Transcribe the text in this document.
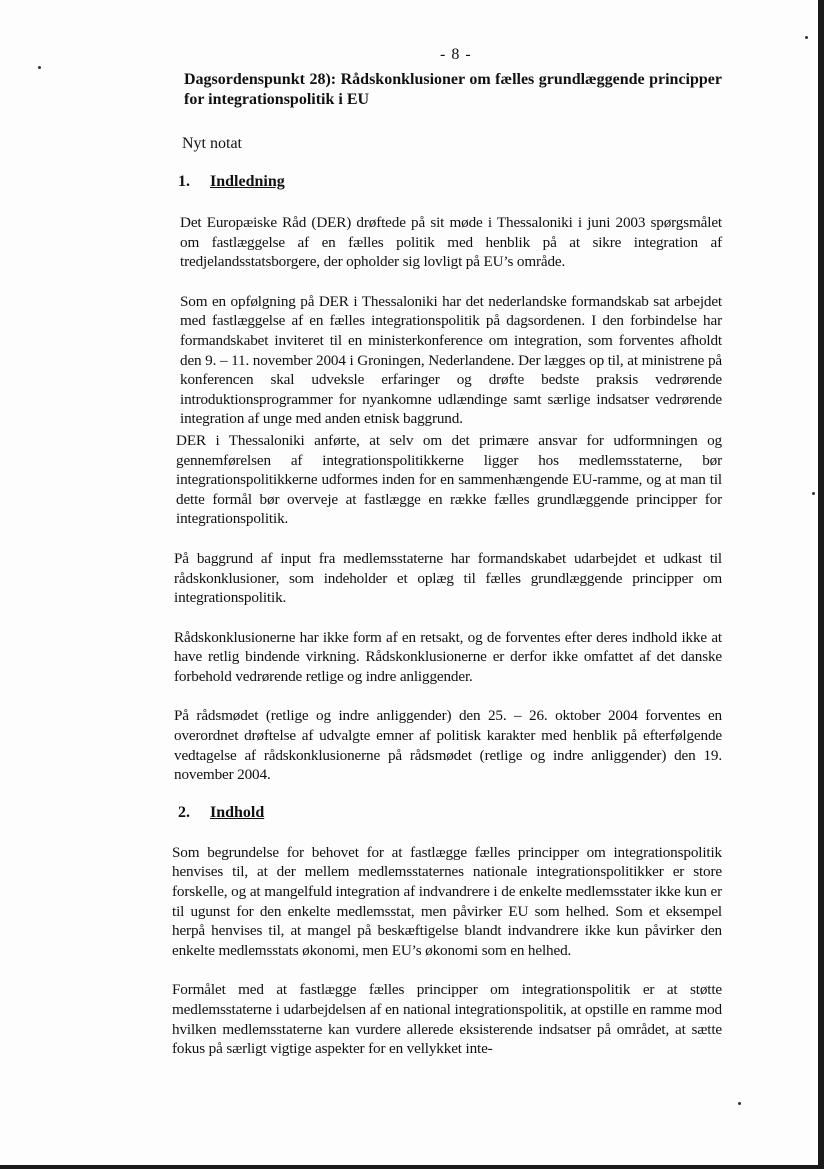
- 8 -
Dagsordenspunkt 28): Rådskonklusioner om fælles grundlæggende principper for integrationspolitik i EU
Nyt notat
1.	Indledning

Det Europæiske Råd (DER) drøftede på sit møde i Thessaloniki i juni 2003 spørgsmålet om fastlæggelse af en fælles politik med henblik på at sikre integration af tredjelandsstatsborgere, der opholder sig lovligt på EU’s område.

Som en opfølgning på DER i Thessaloniki har det nederlandske formandskab sat arbejdet med fastlæggelse af en fælles integrationspolitik på dagsordenen. I den forbindelse har formandskabet inviteret til en ministerkonference om integration, som forventes afholdt den 9. – 11. november 2004 i Groningen, Nederlandene. Der lægges op til, at ministrene på konferencen skal udveksle erfaringer og drøfte bedste praksis vedrørende introduktionsprogrammer for nyankomne udlændinge samt særlige indsatser vedrørende integration af unge med anden etnisk baggrund.

DER i Thessaloniki anførte, at selv om det primære ansvar for udformningen og gennemførelsen af integrationspolitikkerne ligger hos medlemsstaterne, bør integrationspolitikkerne udformes inden for en sammenhængende EU-ramme, og at man til dette formål bør overveje at fastlægge en række fælles grundlæggende principper for integrationspolitik.

På baggrund af input fra medlemsstaterne har formandskabet udarbejdet et udkast til rådskonklusioner, som indeholder et oplæg til fælles grundlæggende principper om integrationspolitik.

Rådskonklusionerne har ikke form af en retsakt, og de forventes efter deres indhold ikke at have retlig bindende virkning. Rådskonklusionerne er derfor ikke omfattet af det danske forbehold vedrørende retlige og indre anliggender.

På rådsmødet (retlige og indre anliggender) den 25. – 26. oktober 2004 forventes en overordnet drøftelse af udvalgte emner af politisk karakter med henblik på efterfølgende vedtagelse af rådskonklusionerne på rådsmødet (retlige og indre anliggender) den 19. november 2004.

2.	Indhold

Som begrundelse for behovet for at fastlægge fælles principper om integrationspolitik henvises til, at der mellem medlemsstaternes nationale integrationspolitikker er store forskelle, og at mangelfuld integration af indvandrere i de enkelte medlemsstater ikke kun er til ugunst for den enkelte medlemsstat, men påvirker EU som helhed. Som et eksempel herpå henvises til, at mangel på beskæftigelse blandt indvandrere ikke kun påvirker den enkelte medlemsstats økonomi, men EU’s økonomi som en helhed.

Formålet med at fastlægge fælles principper om integrationspolitik er at støtte medlemsstaterne i udarbejdelsen af en national integrationspolitik, at opstille en ramme mod hvilken medlemsstaterne kan vurdere allerede eksisterende indsatser på området, at sætte fokus på særligt vigtige aspekter for en vellykket inte-
